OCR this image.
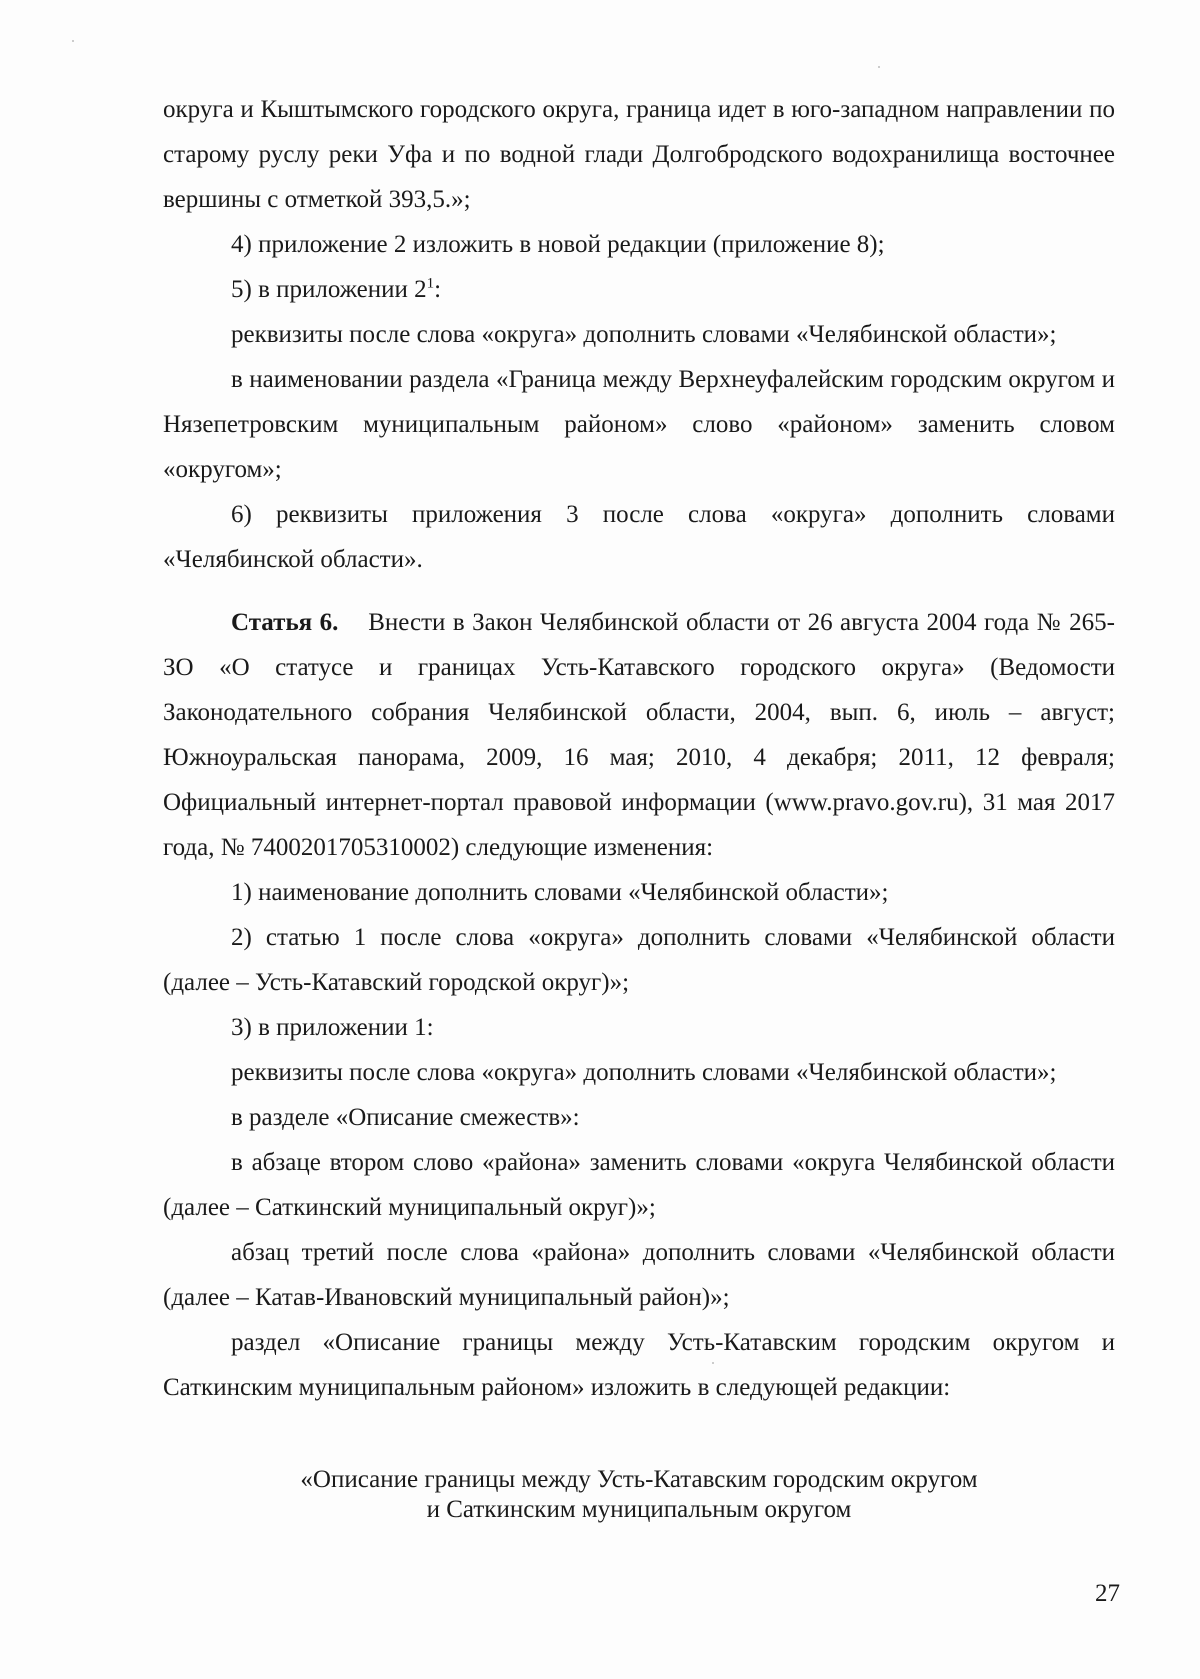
округа и Кыштымского городского округа, граница идет в юго-западном направлении по старому руслу реки Уфа и по водной глади Долгобродского водохранилища восточнее вершины с отметкой 393,5.»;

4) приложение 2 изложить в новой редакции (приложение 8);

5) в приложении $2^1$:

реквизиты после слова «округа» дополнить словами «Челябинской области»;

в наименовании раздела «Граница между Верхнеуфалейским городским округом и Нязепетровским муниципальным районом» слово «районом» заменить словом «округом»;

6) реквизиты приложения 3 после слова «округа» дополнить словами «Челябинской области».

Статья 6. Внести в Закон Челябинской области от 26 августа 2004 года № 265-ЗО «О статусе и границах Усть-Катавского городского округа» (Ведомости Законодательного собрания Челябинской области, 2004, вып. 6, июль – август; Южноуральская панорама, 2009, 16 мая; 2010, 4 декабря; 2011, 12 февраля; Официальный интернет-портал правовой информации (www.pravo.gov.ru), 31 мая 2017 года, № 7400201705310002) следующие изменения:

1) наименование дополнить словами «Челябинской области»;

2) статью 1 после слова «округа» дополнить словами «Челябинской области (далее – Усть-Катавский городской округ)»;

3) в приложении 1:

реквизиты после слова «округа» дополнить словами «Челябинской области»;

в разделе «Описание смежеств»:

в абзаце втором слово «района» заменить словами «округа Челябинской области (далее – Саткинский муниципальный округ)»;

абзац третий после слова «района» дополнить словами «Челябинской области (далее – Катав-Ивановский муниципальный район)»;

раздел «Описание границы между Усть-Катавским городским округом и Саткинским муниципальным районом» изложить в следующей редакции:

«Описание границы между Усть-Катавским городским округом
и Саткинским муниципальным округом
27
